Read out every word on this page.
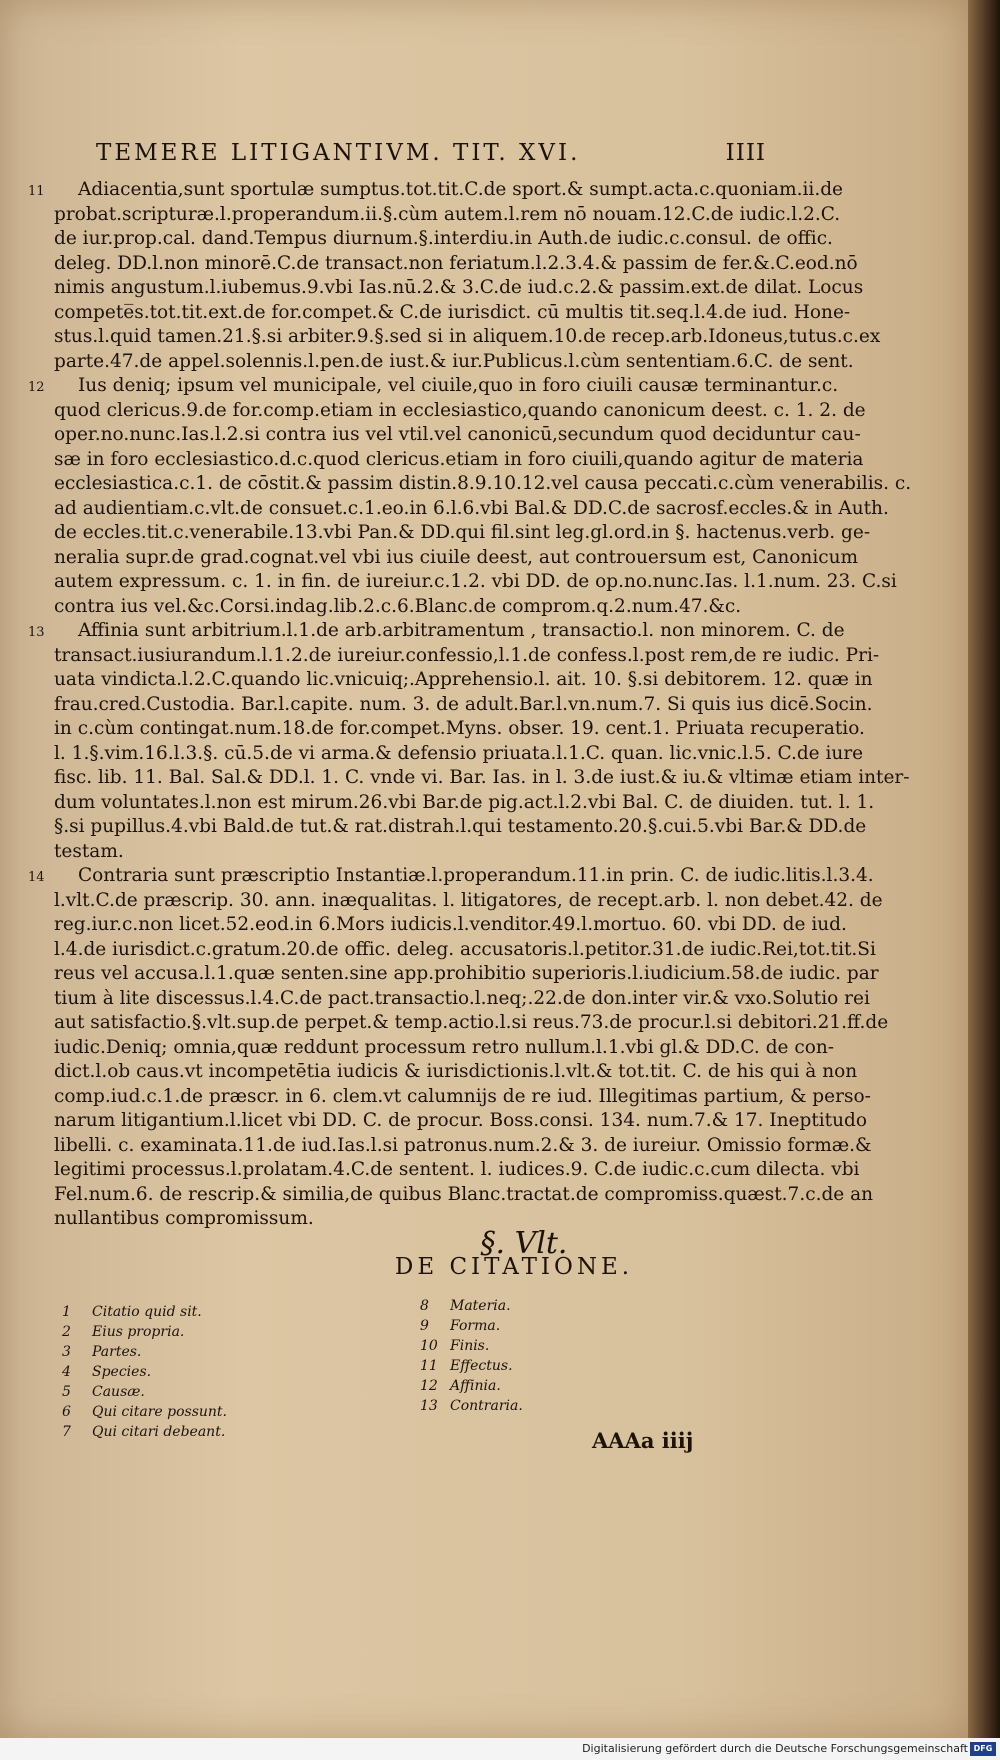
TEMERE LITIGANTIVM. TIT. XVI.	IIII
11	Adiacentia,sunt sportulæ sumptus.tot.tit.C.de sport.& sumpt.acta.c.quoniam.ii.de
probat.scripturæ.l.properandum.ii.§.cùm autem.l.rem nō nouam.12.C.de iudic.l.2.C.
de iur.prop.cal. dand.Tempus diurnum.§.interdiu.in Auth.de iudic.c.consul. de offic.
deleg. DD.l.non minorē.C.de transact.non feriatum.l.2.3.4.& passim de fer.&.C.eod.nō
nimis angustum.l.iubemus.9.vbi Ias.nū.2.& 3.C.de iud.c.2.& passim.ext.de dilat. Locus
compete̅s.tot.tit.ext.de for.compet.& C.de iurisdict. cū multis tit.seq.l.4.de iud. Hone-
stus.l.quid tamen.21.§.si arbiter.9.§.sed si in aliquem.10.de recep.arb.Idoneus,tutus.c.ex
parte.47.de appel.solennis.l.pen.de iust.& iur.Publicus.l.cùm sententiam.6.C. de sent.
12	Ius deniq; ipsum vel municipale, vel ciuile,quo in foro ciuili causæ terminantur.c.
quod clericus.9.de for.comp.etiam in ecclesiastico,quando canonicum deest. c. 1. 2. de
oper.no.nunc.Ias.l.2.si contra ius vel vtil.vel canonicū,secundum quod deciduntur cau-
sæ in foro ecclesiastico.d.c.quod clericus.etiam in foro ciuili,quando agitur de materia
ecclesiastica.c.1. de cōstit.& passim distin.8.9.10.12.vel causa peccati.c.cùm venerabilis. c.
ad audientiam.c.vlt.de consuet.c.1.eo.in 6.l.6.vbi Bal.& DD.C.de sacrosf.eccles.& in Auth.
de eccles.tit.c.venerabile.13.vbi Pan.& DD.qui fil.sint leg.gl.ord.in §. hactenus.verb. ge-
neralia supr.de grad.cognat.vel vbi ius ciuile deest, aut controuersum est, Canonicum
autem expressum. c. 1. in fin. de iureiur.c.1.2. vbi DD. de op.no.nunc.Ias. l.1.num. 23. C.si
contra ius vel.&c.Corsi.indag.lib.2.c.6.Blanc.de comprom.q.2.num.47.&c.
13	Affinia sunt arbitrium.l.1.de arb.arbitramentum , transactio.l. non minorem. C. de
transact.iusiurandum.l.1.2.de iureiur.confessio,l.1.de confess.l.post rem,de re iudic. Pri-
uata vindicta.l.2.C.quando lic.vnicuiq;.Apprehensio.l. ait. 10. §.si debitorem. 12. quæ in
frau.cred.Custodia. Bar.l.capite. num. 3. de adult.Bar.l.vn.num.7. Si quis ius dicē.Socin.
in c.cùm contingat.num.18.de for.compet.Myns. obser. 19. cent.1. Priuata recuperatio.
l. 1.§.vim.16.l.3.§. cū.5.de vi arma.& defensio priuata.l.1.C. quan. lic.vnic.l.5. C.de iure
fisc. lib. 11. Bal. Sal.& DD.l. 1. C. vnde vi. Bar. Ias. in l. 3.de iust.& iu.& vltimæ etiam inter-
dum voluntates.l.non est mirum.26.vbi Bar.de pig.act.l.2.vbi Bal. C. de diuiden. tut. l. 1.
§.si pupillus.4.vbi Bald.de tut.& rat.distrah.l.qui testamento.20.§.cui.5.vbi Bar.& DD.de
testam.
14	Contraria sunt præscriptio Instantiæ.l.properandum.11.in prin. C. de iudic.litis.l.3.4.
l.vlt.C.de præscrip. 30. ann. inæqualitas. l. litigatores, de recept.arb. l. non debet.42. de
reg.iur.c.non licet.52.eod.in 6.Mors iudicis.l.venditor.49.l.mortuo. 60. vbi DD. de iud.
l.4.de iurisdict.c.gratum.20.de offic. deleg. accusatoris.l.petitor.31.de iudic.Rei,tot.tit.Si
reus vel accusa.l.1.quæ senten.sine app.prohibitio superioris.l.iudicium.58.de iudic. par
tium à lite discessus.l.4.C.de pact.transactio.l.neq;.22.de don.inter vir.& vxo.Solutio rei
aut satisfactio.§.vlt.sup.de perpet.& temp.actio.l.si reus.73.de procur.l.si debitori.21.ff.de
iudic.Deniq; omnia,quæ reddunt processum retro nullum.l.1.vbi gl.& DD.C. de con-
dict.l.ob caus.vt incompetētia iudicis & iurisdictionis.l.vlt.& tot.tit. C. de his qui à non
comp.iud.c.1.de præscr. in 6. clem.vt calumnijs de re iud. Illegitimas partium, & perso-
narum litigantium.l.licet vbi DD. C. de procur. Boss.consi. 134. num.7.& 17. Ineptitudo
libelli. c. examinata.11.de iud.Ias.l.si patronus.num.2.& 3. de iureiur. Omissio formæ.&
legitimi processus.l.prolatam.4.C.de sentent. l. iudices.9. C.de iudic.c.cum dilecta. vbi
Fel.num.6. de rescrip.& similia,de quibus Blanc.tractat.de compromiss.quæst.7.c.de an
nullantibus compromissum.
§. Vlt.
DE CITATIONE.
1	Citatio quid sit.
2	Eius propria.
3	Partes.
4	Species.
5	Causæ.
6	Qui citare possunt.
7	Qui citari debeant.
8	Materia.
9	Forma.
10 Finis.
11 Effectus.
12 Affinia.
13 Contraria.
AAAa iiij
Digitalisierung gefördert durch die Deutsche Forschungsgemeinschaft DFG
